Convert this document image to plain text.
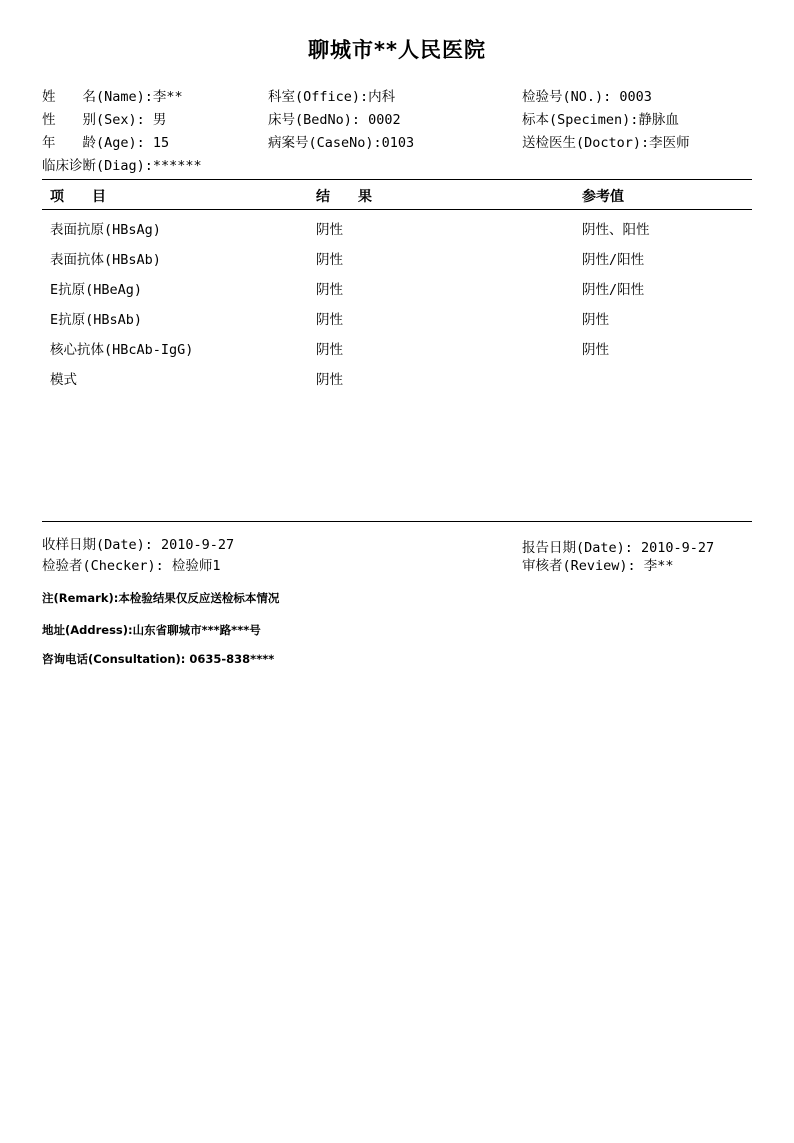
聊城市**人民医院
姓　　名(Name):李**
性　　别(Sex): 男
年　　龄(Age): 15
临床诊断(Diag):******
科室(Office):内科
床号(BedNo): 0002
病案号(CaseNo):0103
检验号(NO.): 0003
标本(Specimen):静脉血
送检医生(Doctor):李医师
项　　目	结　　果	参考值
表面抗原(HBsAg)	阴性	阴性、阳性
表面抗体(HBsAb)	阴性	阴性/阳性
E抗原(HBeAg)	阴性	阴性/阳性
E抗原(HBsAb)	阴性	阴性
核心抗体(HBcAb-IgG)	阴性	阴性
模式	阴性
收样日期(Date): 2010-9-27
检验者(Checker): 检验师1
报告日期(Date): 2010-9-27
审核者(Review): 李**
注(Remark):本检验结果仅反应送检标本情况
地址(Address):山东省聊城市***路***号
咨询电话(Consultation): 0635-838****
